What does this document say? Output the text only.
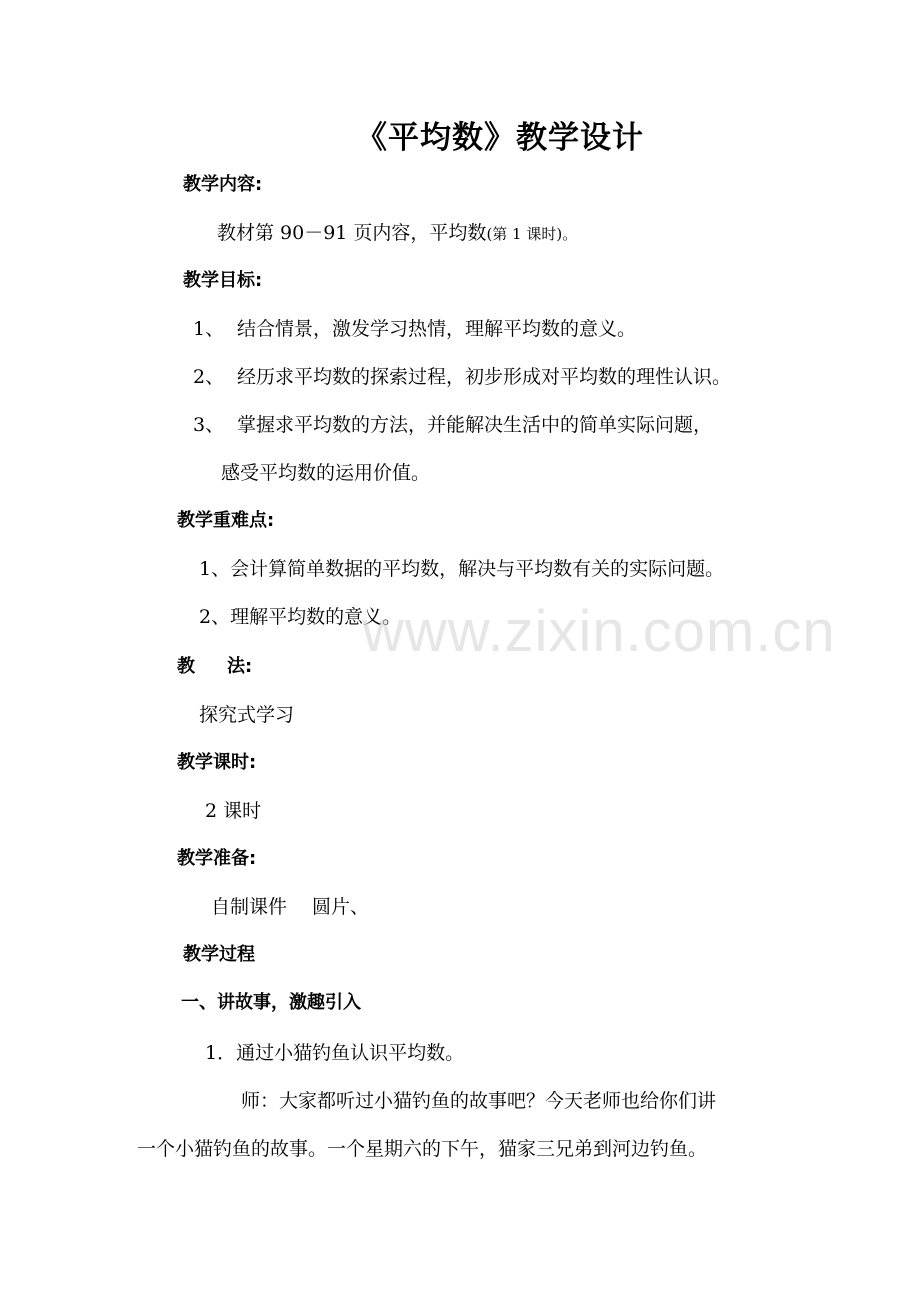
《平均数》教学设计
教学内容:
教材第 90－91 页内容，平均数(第 1 课时)。
教学目标:
1、 结合情景，激发学习热情，理解平均数的意义。
2、 经历求平均数的探索过程，初步形成对平均数的理性认识。
3、 掌握求平均数的方法，并能解决生活中的简单实际问题，
感受平均数的运用价值。
教学重难点:
1、会计算简单数据的平均数，解决与平均数有关的实际问题。
2、理解平均数的意义。
教 法:
探究式学习
教学课时:
2 课时
教学准备:
自制课件　 圆片、
教学过程
一、讲故事，激趣引入
1．通过小猫钓鱼认识平均数。
师：大家都听过小猫钓鱼的故事吧？今天老师也给你们讲
一个小猫钓鱼的故事。一个星期六的下午，猫家三兄弟到河边钓鱼。
www.zixin.com.cn
